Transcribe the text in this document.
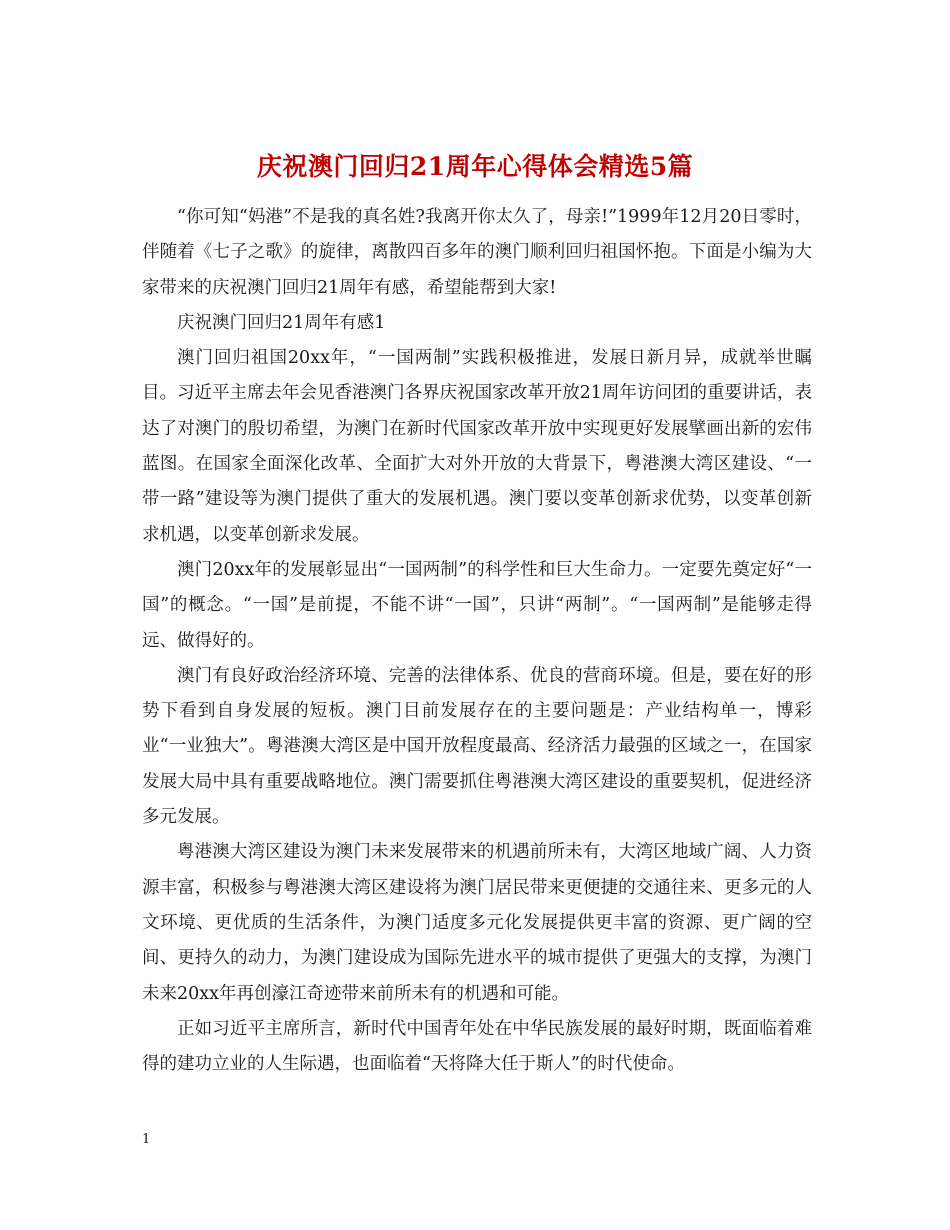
庆祝澳门回归21周年心得体会精选5篇

“你可知“妈港”不是我的真名姓?我离开你太久了，母亲!”1999年12月20日零时，伴随着《七子之歌》的旋律，离散四百多年的澳门顺利回归祖国怀抱。下面是小编为大家带来的庆祝澳门回归21周年有感，希望能帮到大家!

庆祝澳门回归21周年有感1

澳门回归祖国20xx年，“一国两制”实践积极推进，发展日新月异，成就举世瞩目。习近平主席去年会见香港澳门各界庆祝国家改革开放21周年访问团的重要讲话，表达了对澳门的殷切希望，为澳门在新时代国家改革开放中实现更好发展擘画出新的宏伟蓝图。在国家全面深化改革、全面扩大对外开放的大背景下，粤港澳大湾区建设、“一带一路”建设等为澳门提供了重大的发展机遇。澳门要以变革创新求优势，以变革创新求机遇，以变革创新求发展。

澳门20xx年的发展彰显出“一国两制”的科学性和巨大生命力。一定要先奠定好“一国”的概念。“一国”是前提，不能不讲“一国”，只讲“两制”。“一国两制”是能够走得远、做得好的。

澳门有良好政治经济环境、完善的法律体系、优良的营商环境。但是，要在好的形势下看到自身发展的短板。澳门目前发展存在的主要问题是：产业结构单一，博彩业“一业独大”。粤港澳大湾区是中国开放程度最高、经济活力最强的区域之一，在国家发展大局中具有重要战略地位。澳门需要抓住粤港澳大湾区建设的重要契机，促进经济多元发展。

粤港澳大湾区建设为澳门未来发展带来的机遇前所未有，大湾区地域广阔、人力资源丰富，积极参与粤港澳大湾区建设将为澳门居民带来更便捷的交通往来、更多元的人文环境、更优质的生活条件，为澳门适度多元化发展提供更丰富的资源、更广阔的空间、更持久的动力，为澳门建设成为国际先进水平的城市提供了更强大的支撑，为澳门未来20xx年再创濠江奇迹带来前所未有的机遇和可能。

正如习近平主席所言，新时代中国青年处在中华民族发展的最好时期，既面临着难得的建功立业的人生际遇，也面临着“天将降大任于斯人”的时代使命。

1
